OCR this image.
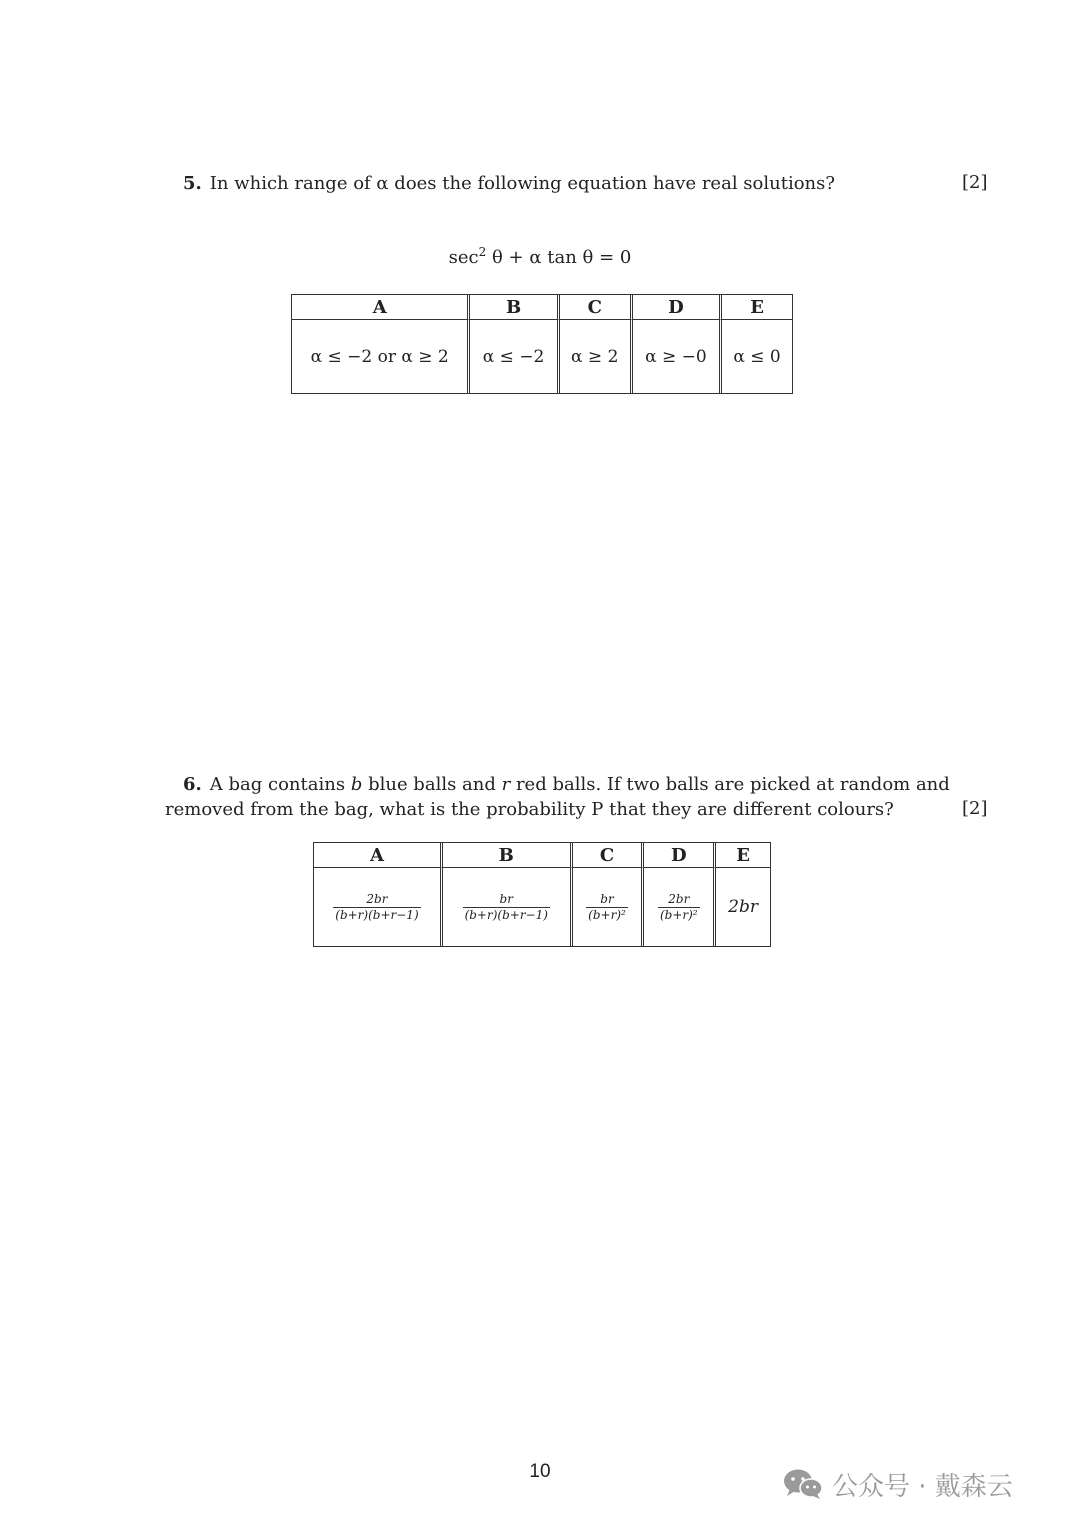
5. In which range of α does the following equation have real solutions?	[2]
$\sec^2 \theta + \alpha$ tan θ = 0
A	B	C	D	E
α ≤ −2 or α ≥ 2	α ≤ −2	α ≥ 2	α ≥ −0	α ≤ 0
6. A bag contains b blue balls and r red balls. If two balls are picked at random and
removed from the bag, what is the probability P that they are different colours?	[2]
A	B	C	D	E

$\frac{2br}{(b+r)(b+r-1)}$	$\frac{br}{(b+r)(b+r-1)}$	$\frac{br}{\text{(b+r)²}}$	$\frac{2br}{\text{(b+r)²}}$	2br
10	公众号 · 戴森云
